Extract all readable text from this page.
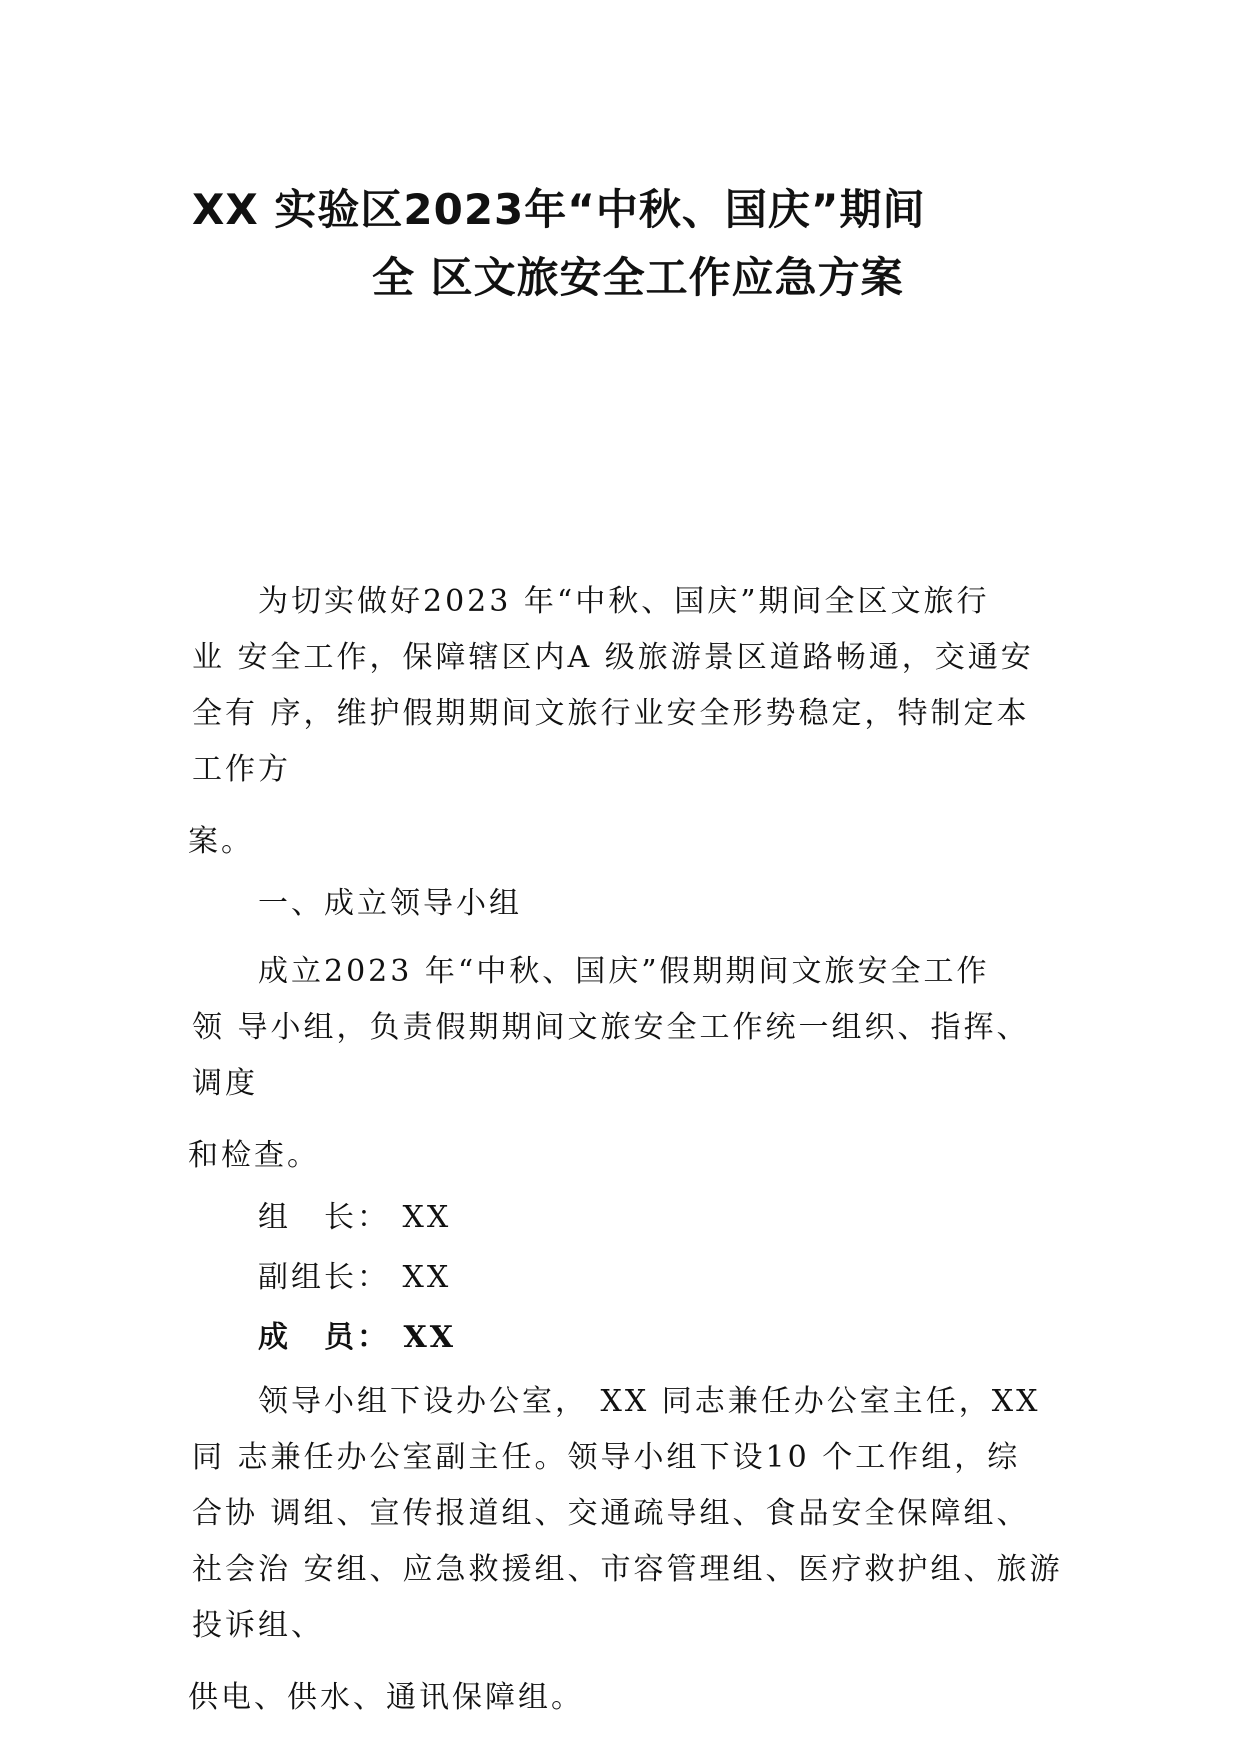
XX 实验区2023年“中秋、国庆”期间
全 区文旅安全工作应急方案
为切实做好2023 年“中秋、国庆”期间全区文旅行
业 安全工作，保障辖区内A 级旅游景区道路畅通，交通安
全有 序，维护假期期间文旅行业安全形势稳定，特制定本
工作方
案。
一、成立领导小组
成立2023 年“中秋、国庆”假期期间文旅安全工作
领 导小组，负责假期期间文旅安全工作统一组织、指挥、
调度
和检查。
组　长： XX
副组长： XX
成　员： XX
领导小组下设办公室， XX 同志兼任办公室主任，XX
同 志兼任办公室副主任。领导小组下设10 个工作组，综
合协 调组、宣传报道组、交通疏导组、食品安全保障组、
社会治 安组、应急救援组、市容管理组、医疗救护组、旅游
投诉组、
供电、供水、通讯保障组。
